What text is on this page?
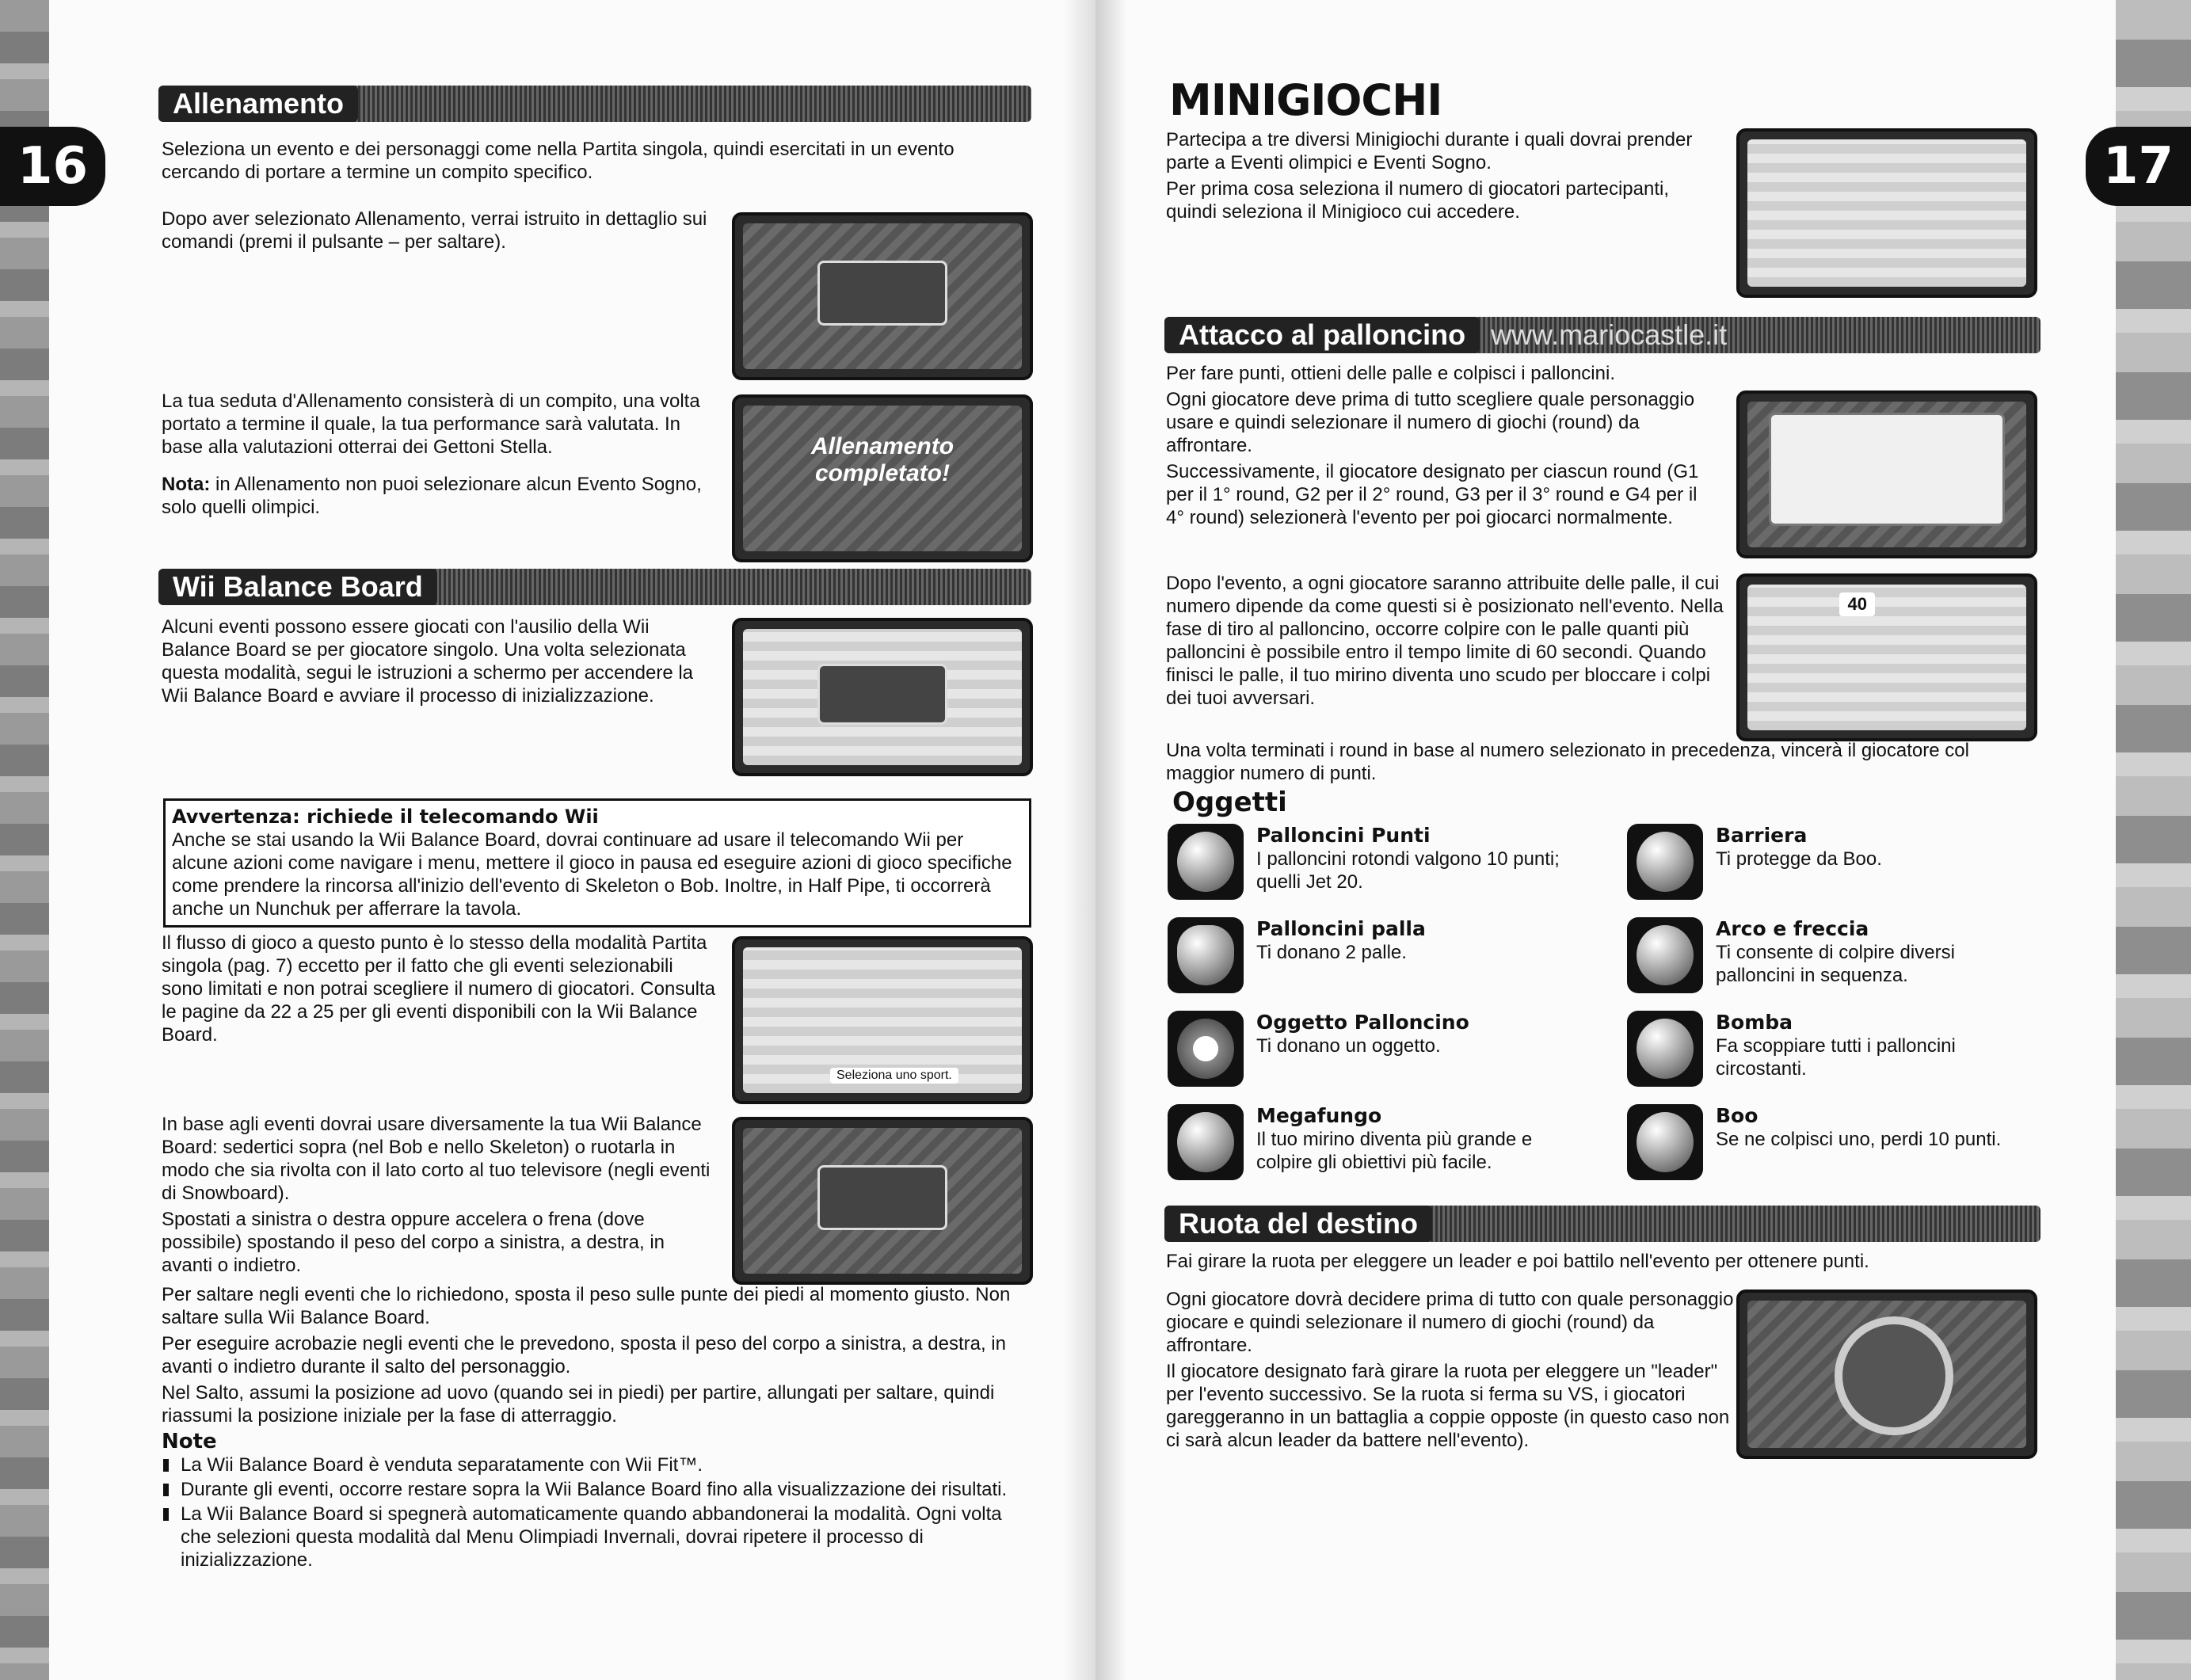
16
Allenamento

Seleziona un evento e dei personaggi come nella Partita singola, quindi esercitati in un evento cercando di portare a termine un compito specifico.

Dopo aver selezionato Allenamento, verrai istruito in dettaglio sui comandi (premi il pulsante – per saltare).

La tua seduta d'Allenamento consisterà di un compito, una volta portato a termine il quale, la tua performance sarà valutata. In base alla valutazioni otterrai dei Gettoni Stella.

Nota: in Allenamento non puoi selezionare alcun Evento Sogno, solo quelli olimpici.

Allenamento completato!
Wii Balance Board

Alcuni eventi possono essere giocati con l'ausilio della Wii Balance Board se per giocatore singolo. Una volta selezionata questa modalità, segui le istruzioni a schermo per accendere la Wii Balance Board e avviare il processo di inizializzazione.

Avvertenza: richiede il telecomando Wii
Anche se stai usando la Wii Balance Board, dovrai continuare ad usare il telecomando Wii per alcune azioni come navigare i menu, mettere il gioco in pausa ed eseguire azioni di gioco specifiche come prendere la rincorsa all'inizio dell'evento di Skeleton o Bob. Inoltre, in Half Pipe, ti occorrerà anche un Nunchuk per afferrare la tavola.

Il flusso di gioco a questo punto è lo stesso della modalità Partita singola (pag. 7) eccetto per il fatto che gli eventi selezionabili sono limitati e non potrai scegliere il numero di giocatori. Consulta le pagine da 22 a 25 per gli eventi disponibili con la Wii Balance Board.

Seleziona uno sport.

In base agli eventi dovrai usare diversamente la tua Wii Balance Board: sedertici sopra (nel Bob e nello Skeleton) o ruotarla in modo che sia rivolta con il lato corto al tuo televisore (negli eventi di Snowboard).

Spostati a sinistra o destra oppure accelera o frena (dove possibile) spostando il peso del corpo a sinistra, a destra, in avanti o indietro.

Per saltare negli eventi che lo richiedono, sposta il peso sulle punte dei piedi al momento giusto. Non saltare sulla Wii Balance Board.

Per eseguire acrobazie negli eventi che le prevedono, sposta il peso del corpo a sinistra, a destra, in avanti o indietro durante il salto del personaggio.

Nel Salto, assumi la posizione ad uovo (quando sei in piedi) per partire, allungati per saltare, quindi riassumi la posizione iniziale per la fase di atterraggio.

Note
La Wii Balance Board è venduta separatamente con Wii Fit™.
Durante gli eventi, occorre restare sopra la Wii Balance Board fino alla visualizzazione dei risultati.
La Wii Balance Board si spegnerà automaticamente quando abbandonerai la modalità. Ogni volta che selezioni questa modalità dal Menu Olimpiadi Invernali, dovrai ripetere il processo di inizializzazione.
17
MINIGIOCHI

Partecipa a tre diversi Minigiochi durante i quali dovrai prender parte a Eventi olimpici e Eventi Sogno.

Per prima cosa seleziona il numero di giocatori partecipanti, quindi seleziona il Minigioco cui accedere.

Attacco al palloncino www.mariocastle.it

Per fare punti, ottieni delle palle e colpisci i palloncini.

Ogni giocatore deve prima di tutto scegliere quale personaggio usare e quindi selezionare il numero di giochi (round) da affrontare.

Successivamente, il giocatore designato per ciascun round (G1 per il 1° round, G2 per il 2° round, G3 per il 3° round e G4 per il 4° round) selezionerà l'evento per poi giocarci normalmente.

Dopo l'evento, a ogni giocatore saranno attribuite delle palle, il cui numero dipende da come questi si è posizionato nell'evento. Nella fase di tiro al palloncino, occorre colpire con le palle quanti più palloncini è possibile entro il tempo limite di 60 secondi. Quando finisci le palle, il tuo mirino diventa uno scudo per bloccare i colpi dei tuoi avversari.

40

Una volta terminati i round in base al numero selezionato in precedenza, vincerà il giocatore col maggior numero di punti.

Oggetti
Palloncini Punti
I palloncini rotondi valgono 10 punti; quelli Jet 20.
Barriera
Ti protegge da Boo.
Palloncini palla
Ti donano 2 palle.
Arco e freccia
Ti consente di colpire diversi palloncini in sequenza.
Oggetto Palloncino
Ti donano un oggetto.
Bomba
Fa scoppiare tutti i palloncini circostanti.
Megafungo
Il tuo mirino diventa più grande e colpire gli obiettivi più facile.
Boo
Se ne colpisci uno, perdi 10 punti.
Ruota del destino

Fai girare la ruota per eleggere un leader e poi battilo nell'evento per ottenere punti.

Ogni giocatore dovrà decidere prima di tutto con quale personaggio giocare e quindi selezionare il numero di giochi (round) da affrontare.

Il giocatore designato farà girare la ruota per eleggere un "leader" per l'evento successivo. Se la ruota si ferma su VS, i giocatori gareggeranno in un battaglia a coppie opposte (in questo caso non ci sarà alcun leader da battere nell'evento).
